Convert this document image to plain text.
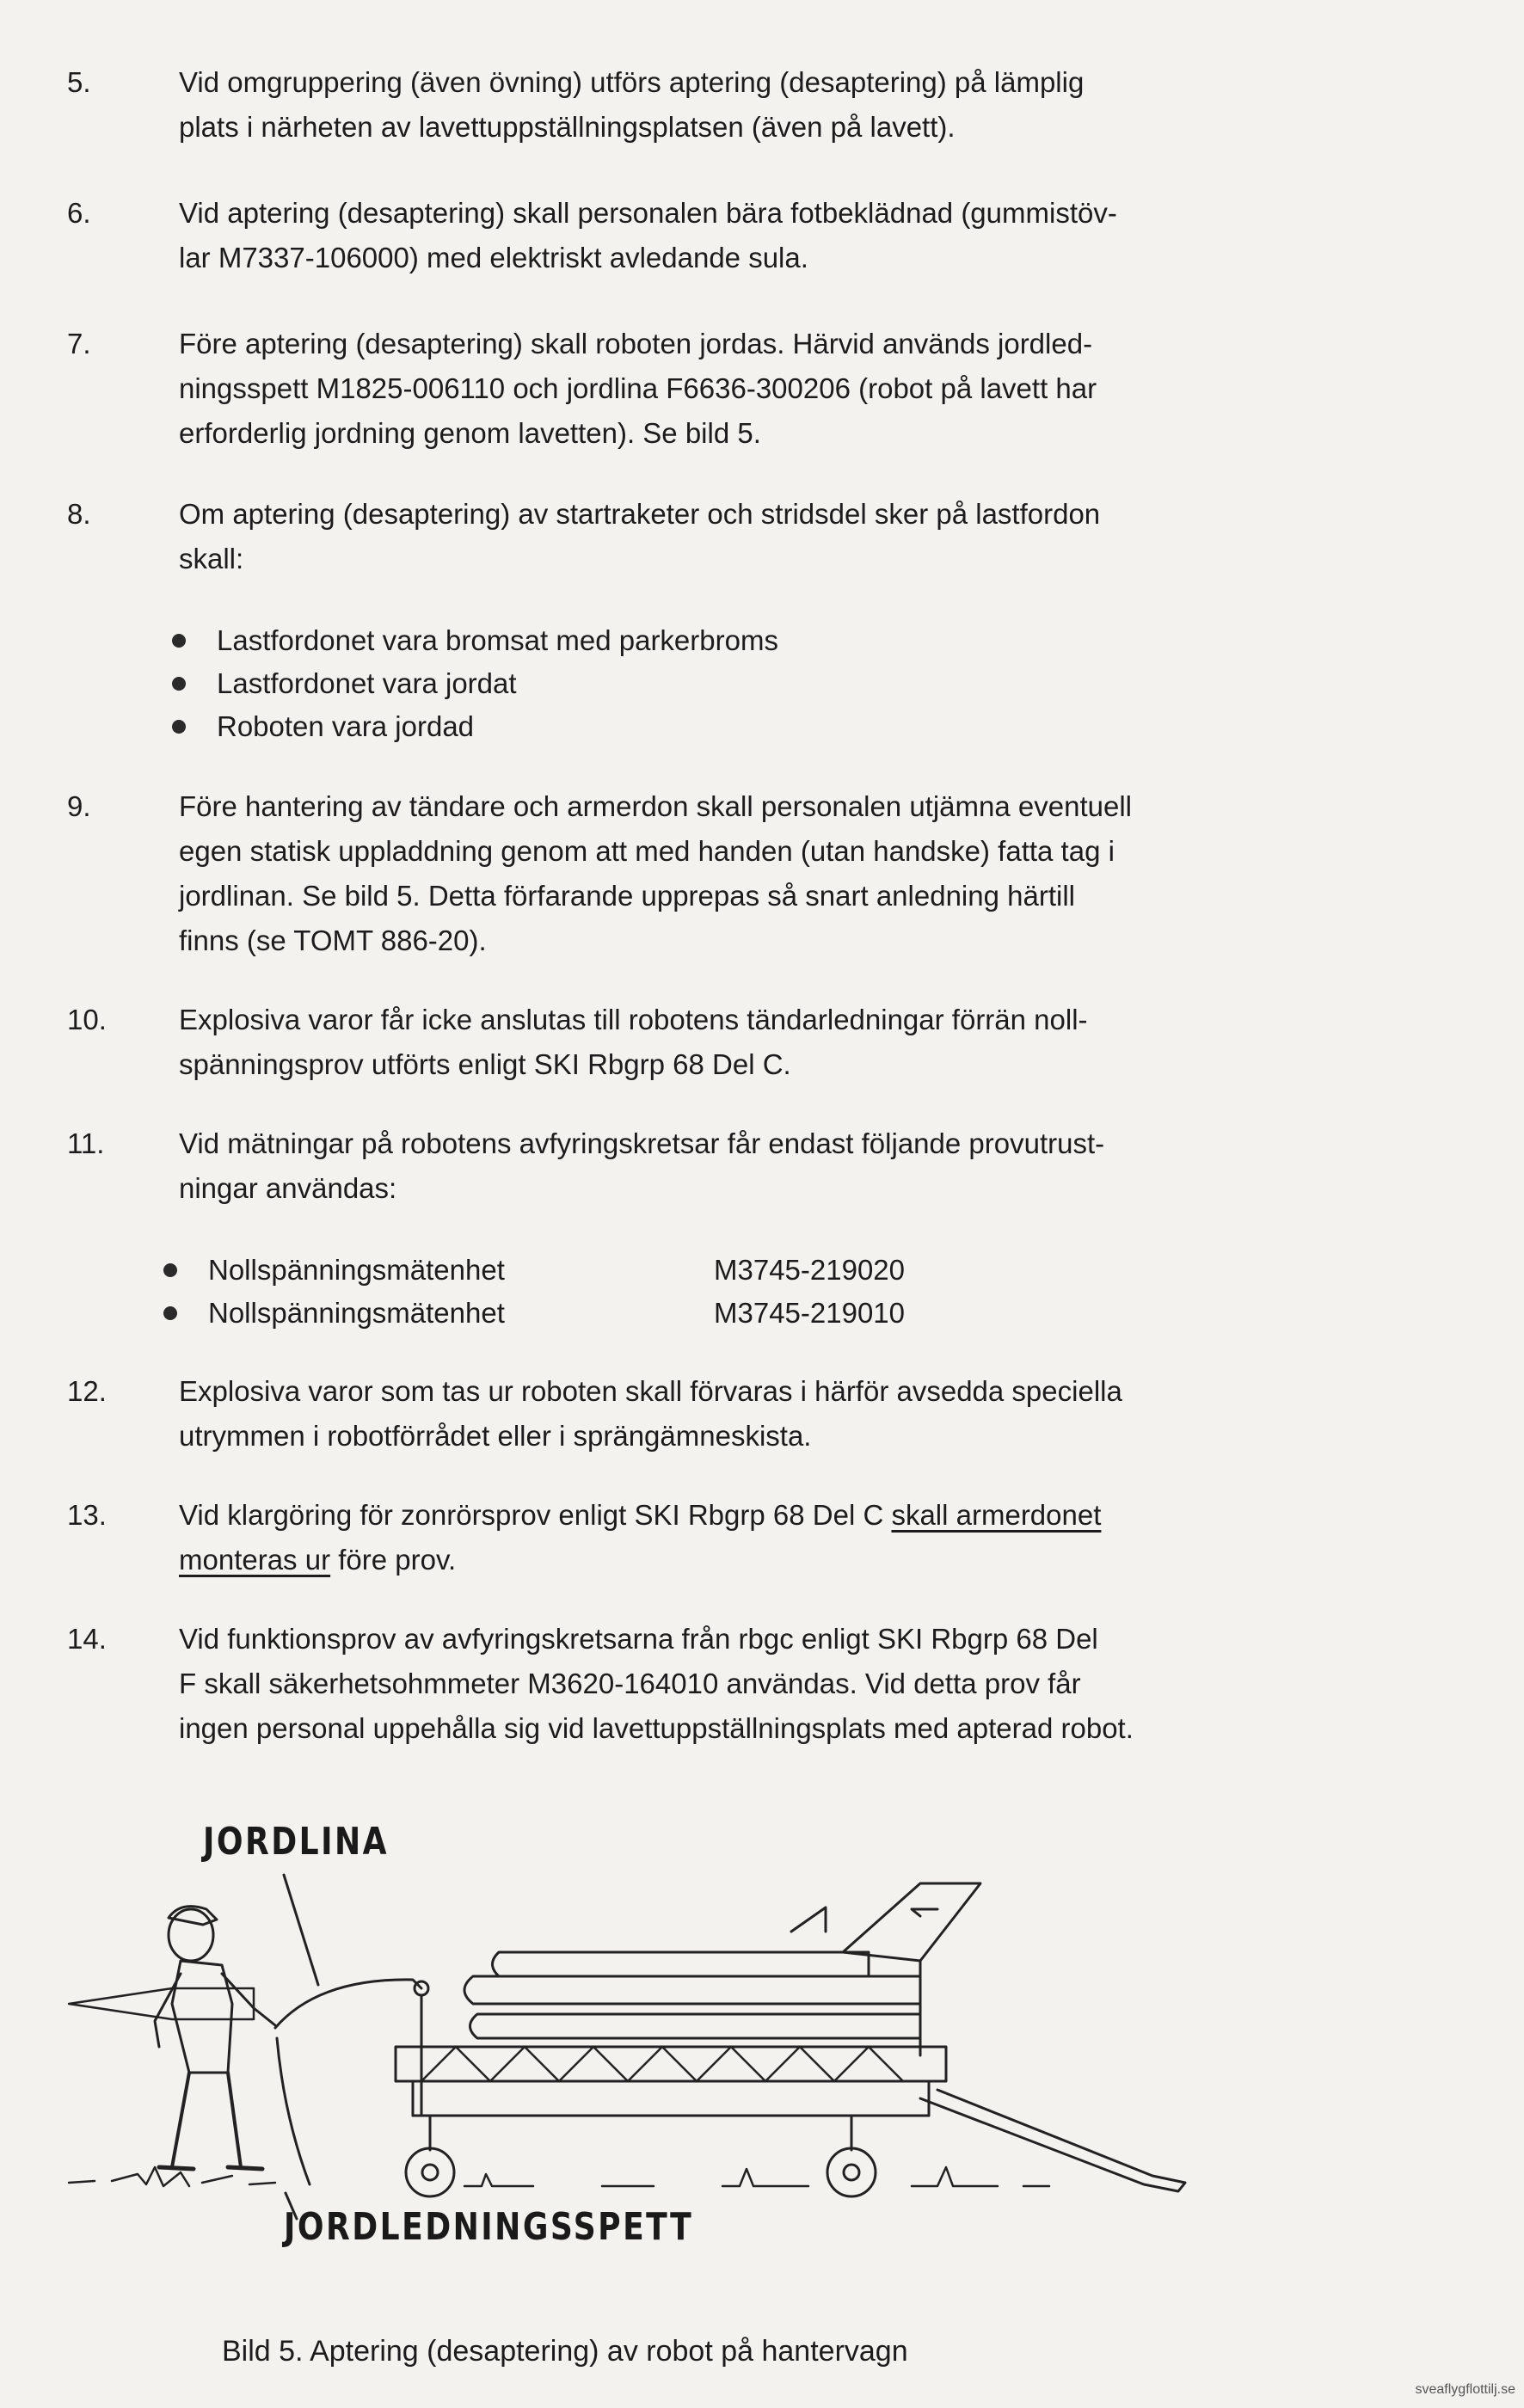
5.	Vid omgruppering (även övning) utförs aptering (desaptering) på lämplig
plats i närheten av lavettuppställningsplatsen (även på lavett).
6.	Vid aptering (desaptering) skall personalen bära fotbeklädnad (gummistöv-
lar M7337-106000) med elektriskt avledande sula.
7.	Före aptering (desaptering) skall roboten jordas. Härvid används jordled-
ningsspett M1825-006110 och jordlina F6636-300206 (robot på lavett har
erforderlig jordning genom lavetten). Se bild 5.
8.	Om aptering (desaptering) av startraketer och stridsdel sker på lastfordon
skall:
Lastfordonet vara bromsat med parkerbroms
Lastfordonet vara jordat
Roboten vara jordad
9.	Före hantering av tändare och armerdon skall personalen utjämna eventuell
egen statisk uppladdning genom att med handen (utan handske) fatta tag i
jordlinan. Se bild 5. Detta förfarande upprepas så snart anledning härtill
finns (se TOMT 886-20).
10.	Explosiva varor får icke anslutas till robotens tändarledningar förrän noll-
spänningsprov utförts enligt SKI Rbgrp 68 Del C.
11.	Vid mätningar på robotens avfyringskretsar får endast följande provutrust-
ningar användas:
Nollspänningsmätenhet	M3745-219020
Nollspänningsmätenhet	M3745-219010
12.	Explosiva varor som tas ur roboten skall förvaras i härför avsedda speciella
utrymmen i robotförrådet eller i sprängämneskista.
13.	Vid klargöring för zonrörsprov enligt SKI Rbgrp 68 Del C skall armerdonet
monteras ur före prov.
14.	Vid funktionsprov av avfyringskretsarna från rbgc enligt SKI Rbgrp 68 Del
F skall säkerhetsohmmeter M3620-164010 användas. Vid detta prov får
ingen personal uppehålla sig vid lavettuppställningsplats med apterad robot.
JORDLINA
JORDLEDNINGSSPETT
Bild 5. Aptering (desaptering) av robot på hantervagn
sveaflygflottilj.se
